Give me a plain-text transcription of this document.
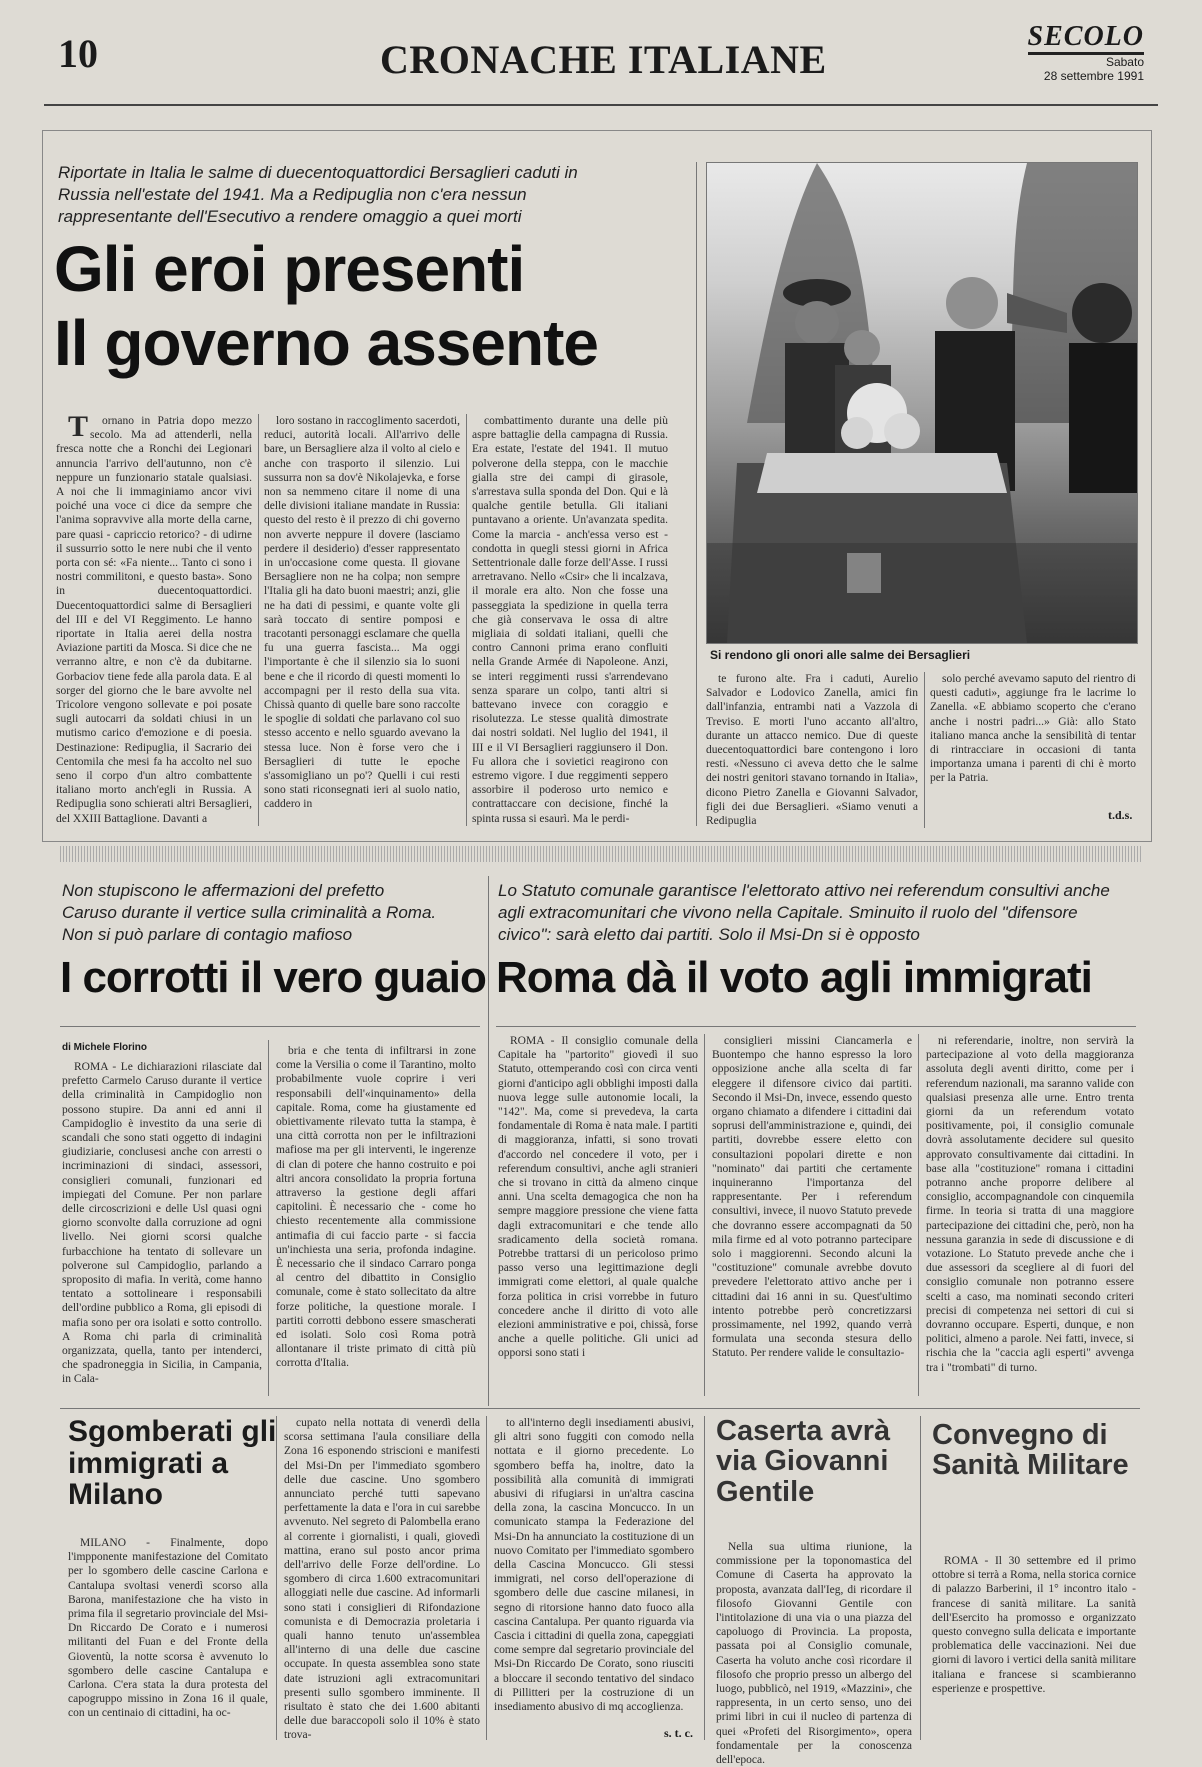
10	CRONACHE ITALIANE
SECOLO
Sabato
28 settembre 1991
Riportate in Italia le salme di duecentoquattordici Bersaglieri caduti in Russia nell'estate del 1941. Ma a Redipuglia non c'era nessun rappresentante dell'Esecutivo a rendere omaggio a quei morti
Gli eroi presenti
Il governo assente

Tornano in Patria dopo mezzo secolo. Ma ad attenderli, nella fresca notte che a Ronchi dei Legionari annuncia l'arrivo dell'autunno, non c'è neppure un funzionario statale qualsiasi. A noi che li immaginiamo ancor vivi poiché una voce ci dice da sempre che l'anima sopravvive alla morte della carne, pare quasi - capriccio retorico? - di udirne il sussurrio sotto le nere nubi che il vento porta con sé: «Fa niente... Tanto ci sono i nostri commilitoni, e questo basta». Sono in duecentoquattordici. Duecentoquattordici salme di Bersaglieri del III e del VI Reggimento. Le hanno riportate in Italia aerei della nostra Aviazione partiti da Mosca. Si dice che ne verranno altre, e non c'è da dubitarne. Gorbaciov tiene fede alla parola data. E al sorger del giorno che le bare avvolte nel Tricolore vengono sollevate e poi posate sugli autocarri da soldati chiusi in un mutismo carico d'emozione e di poesia. Destinazione: Redipuglia, il Sacrario dei Centomila che mesi fa ha accolto nel suo seno il corpo d'un altro combattente italiano morto anch'egli in Russia. A Redipuglia sono schierati altri Bersaglieri, del XXIII Battaglione. Davanti a

loro sostano in raccoglimento sacerdoti, reduci, autorità locali. All'arrivo delle bare, un Bersagliere alza il volto al cielo e anche con trasporto il silenzio. Lui sussurra non sa dov'è Nikolajevka, e forse non sa nemmeno citare il nome di una delle divisioni italiane mandate in Russia: questo del resto è il prezzo di chi governo non avverte neppure il dovere (lasciamo perdere il desiderio) d'esser rappresentato in un'occasione come questa. Il giovane Bersagliere non ne ha colpa; non sempre l'Italia gli ha dato buoni maestri; anzi, glie ne ha dati di pessimi, e quante volte gli sarà toccato di sentire pomposi e tracotanti personaggi esclamare che quella fu una guerra fascista... Ma oggi l'importante è che il silenzio sia lo suoni bene e che il ricordo di questi momenti lo accompagni per il resto della sua vita. Chissà quanto di quelle bare sono raccolte le spoglie di soldati che parlavano col suo stesso accento e nello sguardo avevano la stessa luce. Non è forse vero che i Bersaglieri di tutte le epoche s'assomigliano un po'? Quelli i cui resti sono stati riconsegnati ieri al suolo natio, caddero in

combattimento durante una delle più aspre battaglie della campagna di Russia. Era estate, l'estate del 1941. Il mutuo polverone della steppa, con le macchie gialla stre dei campi di girasole, s'arrestava sulla sponda del Don. Qui e là qualche gentile betulla. Gli italiani puntavano a oriente. Un'avanzata spedita. Come la marcia - anch'essa verso est - condotta in quegli stessi giorni in Africa Settentrionale dalle forze dell'Asse. I russi arretravano. Nello «Csir» che li incalzava, il morale era alto. Non che fosse una passeggiata la spedizione in quella terra che già conservava le ossa di altre migliaia di soldati italiani, quelli che contro Cannoni prima erano confluiti nella Grande Armée di Napoleone. Anzi, se interi reggimenti russi s'arrendevano senza sparare un colpo, tanti altri si battevano invece con coraggio e risolutezza. Le stesse qualità dimostrate dai nostri soldati. Nel luglio del 1941, il III e il VI Bersaglieri raggiunsero il Don. Fu allora che i sovietici reagirono con estremo vigore. I due reggimenti seppero assorbire il poderoso urto nemico e contrattaccare con decisione, finché la spinta russa si esaurì. Ma le perdi-

Si rendono gli onori alle salme dei Bersaglieri

te furono alte. Fra i caduti, Aurelio Salvador e Lodovico Zanella, amici fin dall'infanzia, entrambi nati a Vazzola di Treviso. E morti l'uno accanto all'altro, durante un attacco nemico. Due di queste duecentoquattordici bare contengono i loro resti. «Nessuno ci aveva detto che le salme dei nostri genitori stavano tornando in Italia», dicono Pietro Zanella e Giovanni Salvador, figli dei due Bersaglieri. «Siamo venuti a Redipuglia

solo perché avevamo saputo del rientro di questi caduti», aggiunge fra le lacrime lo Zanella. «E abbiamo scoperto che c'erano anche i nostri padri...» Già: allo Stato italiano manca anche la sensibilità di tentar di rintracciare in occasioni di tanta importanza umana i parenti di chi è morto per la Patria.

t.d.s.
Non stupiscono le affermazioni del prefetto Caruso durante il vertice sulla criminalità a Roma. Non si può parlare di contagio mafioso
I corrotti il vero guaio
di Michele Florino

ROMA - Le dichiarazioni rilasciate dal prefetto Carmelo Caruso durante il vertice della criminalità in Campidoglio non possono stupire. Da anni ed anni il Campidoglio è investito da una serie di scandali che sono stati oggetto di indagini giudiziarie, conclusesi anche con arresti o incriminazioni di sindaci, assessori, consiglieri comunali, funzionari ed impiegati del Comune. Per non parlare delle circoscrizioni e delle Usl quasi ogni giorno sconvolte dalla corruzione ad ogni livello. Nei giorni scorsi qualche furbacchione ha tentato di sollevare un polverone sul Campidoglio, parlando a sproposito di mafia. In verità, come hanno tentato a sottolineare i responsabili dell'ordine pubblico a Roma, gli episodi di mafia sono per ora isolati e sotto controllo. A Roma chi parla di criminalità organizzata, quella, tanto per intenderci, che spadroneggia in Sicilia, in Campania, in Cala-

bria e che tenta di infiltrarsi in zone come la Versilia o come il Tarantino, molto probabilmente vuole coprire i veri responsabili dell'«inquinamento» della capitale. Roma, come ha giustamente ed obiettivamente rilevato tutta la stampa, è una città corrotta non per le infiltrazioni mafiose ma per gli interventi, le ingerenze di clan di potere che hanno costruito e poi altri ancora consolidato la propria fortuna attraverso la gestione degli affari capitolini. È necessario che - come ho chiesto recentemente alla commissione antimafia di cui faccio parte - si faccia un'inchiesta una seria, profonda indagine. È necessario che il sindaco Carraro ponga al centro del dibattito in Consiglio comunale, come è stato sollecitato da altre forze politiche, la questione morale. I partiti corrotti debbono essere smascherati ed isolati. Solo così Roma potrà allontanare il triste primato di città più corrotta d'Italia.

Lo Statuto comunale garantisce l'elettorato attivo nei referendum consultivi anche agli extracomunitari che vivono nella Capitale. Sminuito il ruolo del "difensore civico": sarà eletto dai partiti. Solo il Msi-Dn si è opposto
Roma dà il voto agli immigrati

ROMA - Il consiglio comunale della Capitale ha "partorito" giovedì il suo Statuto, ottemperando così con circa venti giorni d'anticipo agli obblighi imposti dalla nuova legge sulle autonomie locali, la "142". Ma, come si prevedeva, la carta fondamentale di Roma è nata male. I partiti di maggioranza, infatti, si sono trovati d'accordo nel concedere il voto, per i referendum consultivi, anche agli stranieri che si trovano in città da almeno cinque anni. Una scelta demagogica che non ha sempre maggiore pressione che viene fatta dagli extracomunitari e che tende allo sradicamento della società romana. Potrebbe trattarsi di un pericoloso primo passo verso una legittimazione degli immigrati come elettori, al quale qualche forza politica in crisi vorrebbe in futuro concedere anche il diritto di voto alle elezioni amministrative e poi, chissà, forse anche a quelle politiche. Gli unici ad opporsi sono stati i

consiglieri missini Ciancamerla e Buontempo che hanno espresso la loro opposizione anche alla scelta di far eleggere il difensore civico dai partiti. Secondo il Msi-Dn, invece, essendo questo organo chiamato a difendere i cittadini dai soprusi dell'amministrazione e, quindi, dei partiti, dovrebbe essere eletto con consultazioni popolari dirette e non "nominato" dai partiti che certamente inquineranno l'importanza del rappresentante. Per i referendum consultivi, invece, il nuovo Statuto prevede che dovranno essere accompagnati da 50 mila firme ed al voto potranno partecipare solo i maggiorenni. Secondo alcuni la "costituzione" comunale avrebbe dovuto prevedere l'elettorato attivo anche per i cittadini dai 16 anni in su. Quest'ultimo intento potrebbe però concretizzarsi prossimamente, nel 1992, quando verrà formulata una seconda stesura dello Statuto. Per rendere valide le consultazio-

ni referendarie, inoltre, non servirà la partecipazione al voto della maggioranza assoluta degli aventi diritto, come per i referendum nazionali, ma saranno valide con qualsiasi presenza alle urne. Entro trenta giorni da un referendum votato positivamente, poi, il consiglio comunale dovrà assolutamente decidere sul quesito approvato consultivamente dai cittadini. In base alla "costituzione" romana i cittadini potranno anche proporre delibere al consiglio, accompagnandole con cinquemila firme. In teoria si tratta di una maggiore partecipazione dei cittadini che, però, non ha nessuna garanzia in sede di discussione e di votazione. Lo Statuto prevede anche che i due assessori da scegliere al di fuori del consiglio comunale non potranno essere scelti a caso, ma nominati secondo criteri precisi di competenza nei settori di cui si dovranno occupare. Esperti, dunque, e non politici, almeno a parole. Nei fatti, invece, si rischia che la "caccia agli esperti" avvenga tra i "trombati" di turno.

Sgomberati gli immigrati a Milano

MILANO - Finalmente, dopo l'impponente manifestazione del Comitato per lo sgombero delle cascine Carlona e Cantalupa svoltasi venerdì scorso alla Barona, manifestazione che ha visto in prima fila il segretario provinciale del Msi-Dn Riccardo De Corato e i numerosi militanti del Fuan e del Fronte della Gioventù, la notte scorsa è avvenuto lo sgombero delle cascine Cantalupa e Carlona. C'era stata la dura protesta del capogruppo missino in Zona 16 il quale, con un centinaio di cittadini, ha oc-

cupato nella nottata di venerdì della scorsa settimana l'aula consiliare della Zona 16 esponendo striscioni e manifesti del Msi-Dn per l'immediato sgombero delle due cascine. Uno sgombero annunciato perché tutti sapevano perfettamente la data e l'ora in cui sarebbe avvenuto. Nel segreto di Palombella erano al corrente i giornalisti, i quali, giovedì mattina, erano sul posto ancor prima dell'arrivo delle Forze dell'ordine. Lo sgombero di circa 1.600 extracomunitari alloggiati nelle due cascine. Ad informarli sono stati i consiglieri di Rifondazione comunista e di Democrazia proletaria i quali hanno tenuto un'assemblea all'interno di una delle due cascine occupate. In questa assemblea sono state date istruzioni agli extracomunitari presenti sullo sgombero imminente. Il risultato è stato che dei 1.600 abitanti delle due baraccopoli solo il 10% è stato trova-

to all'interno degli insediamenti abusivi, gli altri sono fuggiti con comodo nella nottata e il giorno precedente. Lo sgombero beffa ha, inoltre, dato la possibilità alla comunità di immigrati abusivi di rifugiarsi in un'altra cascina della zona, la cascina Moncucco. In un comunicato stampa la Federazione del Msi-Dn ha annunciato la costituzione di un nuovo Comitato per l'immediato sgombero della Cascina Moncucco. Gli stessi immigrati, nel corso dell'operazione di sgombero delle due cascine milanesi, in segno di ritorsione hanno dato fuoco alla cascina Cantalupa. Per quanto riguarda via Cascia i cittadini di quella zona, capeggiati come sempre dal segretario provinciale del Msi-Dn Riccardo De Corato, sono riusciti a bloccare il secondo tentativo del sindaco di Pillitteri per la costruzione di un insediamento abusivo di mq accoglienza.

s. t. c.
Caserta avrà via Giovanni Gentile

Nella sua ultima riunione, la commissione per la toponomastica del Comune di Caserta ha approvato la proposta, avanzata dall'Ieg, di ricordare il filosofo Giovanni Gentile con l'intitolazione di una via o una piazza del capoluogo di Provincia. La proposta, passata poi al Consiglio comunale, Caserta ha voluto anche così ricordare il filosofo che proprio presso un albergo del luogo, pubblicò, nel 1919, «Mazzini», che rappresenta, in un certo senso, uno dei primi libri in cui il nucleo di partenza di quei «Profeti del Risorgimento», opera fondamentale per la conoscenza dell'epoca.

Convegno di Sanità Militare

ROMA - Il 30 settembre ed il primo ottobre si terrà a Roma, nella storica cornice di palazzo Barberini, il 1° incontro italo - francese di sanità militare. La sanità dell'Esercito ha promosso e organizzato questo convegno sulla delicata e importante problematica delle vaccinazioni. Nei due giorni di lavoro i vertici della sanità militare italiana e francese si scambieranno esperienze e prospettive.
